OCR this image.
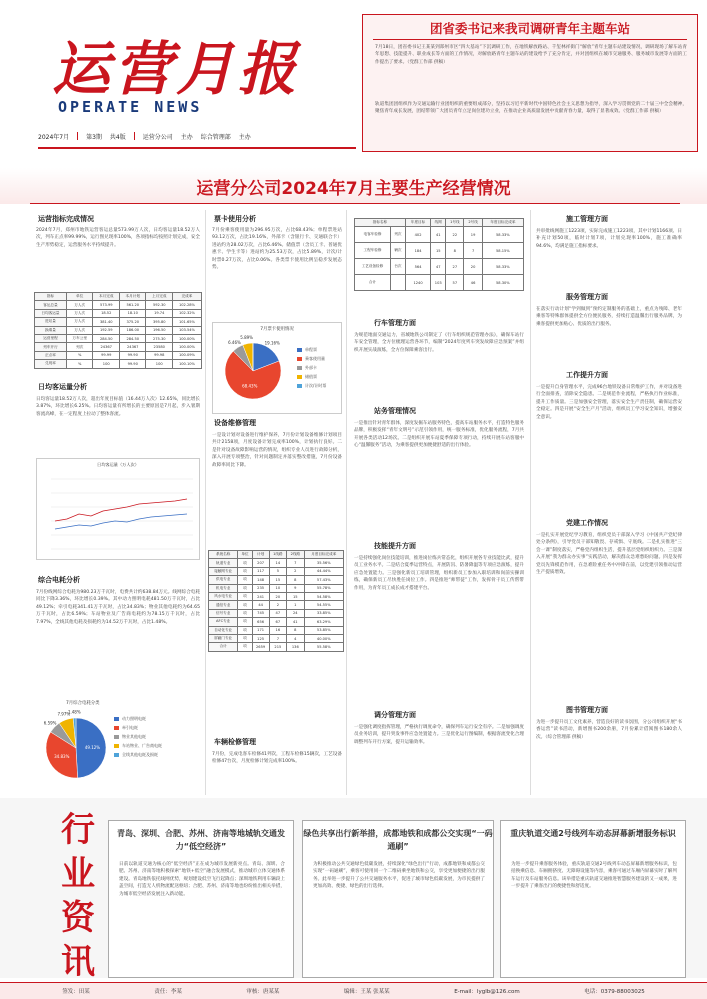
运营月报
OPERATE NEWS
2024年7月	第3期 共4版	运营分公司 主办 综合管理部 主办
团省委书记来我司调研青年主题车站
7月18日，团省委书记王某某到郑州市区“四大基站”下沉调研工作，在地铁解放路站、千玺林祥街门“解放”青年主题车站建设情况，调研现场了解车站青年思想、技能提升、职业成长等方面的工作情况，对解放路青年主题车站的建设给予了充分肯定，并对团组织在城市交通服务、服务城市发展等方面的工作提出了要求。（党群工作部 供稿）
轨道集团团组织作为交通运输行业团组织的重要组成部分，坚持以习近平新时代中国特色社会主义思想为指导，深入学习贯彻党的二十届三中全会精神，聚焦青年成长发展，团结带领广大团员青年立足岗位建功立业，在推动企业高质量发展中贡献青春力量，取得了显著成效。（党群工作部 供稿）
运营分公司2024年7月主要生产经营情况
运营指标完成情况
2024年7月，郑州市地铁运营客运总量573.99万人次，日均客运量18.52万人次，列车正点率99.99%，运行图兑现率100%，各项指标均按照计划完成，安全生产形势稳定，运营服务水平持续提升。
指标	单位	本月完成	本月计划	上月完成	完成率
客运总量	万人次	573.99	561.20	592.30	102.28%
日均客运量	万人次	18.52	18.10	19.74	102.32%
进站量	万人次	381.40	375.20	395.80	101.65%
换乘量	万人次	192.59	186.00	196.50	103.54%
运营里程	万车公里	284.50	284.50	275.30	100.00%
列车开行	列次	24367	24367	23580	100.00%
正点率	%	99.99	99.90	99.98	100.09%
兑现率	%	100	99.90	100	100.10%
日均客运量分析
日均客运量18.52万人次，超出年度目标值（16.44万人次）12.65%，同比增长3.87%，环比增长6.25%。日均客运量有所增长的主要原因是7月起，步入暑期客流高峰，在一定程度上拉动了整体客流。
日均客运量（万人次）
综合电耗分析
7月份线网综合电耗为980.23万千瓦时，电费共计约638.84万元。线网综合电耗同比下降3.36%，环比增长0.39%。其中动力照明电耗481.50万千瓦时，占比49.12%；牵引电耗341.41万千瓦时，占比34.83%；物业其他电耗约为64.65万千瓦时，占比6.59%；车站物业及广告商电耗约为78.15万千瓦时，占比7.97%，全线其他电耗及损耗约为14.52万千瓦时，占比1.48%。
7月综合电耗分类
49.12%
34.83%
6.59%
7.97%
1.48%
动力照明电耗
牵引电耗
物业其他电耗
车站物业、广告商电耗
全线其他电耗及损耗
票卡使用分析
7月份乘客使用量为296.95万次，占比68.43%；单程票进站93.12万次，占比19.16%，外部卡（含银行卡、交通联合卡）进站约为28.02万次，占比6.46%。储值票（含员工卡、普通优惠卡、学生卡等）进站约为25.53万次，占比5.89%，计次/计时票0.27万次，占比0.06%。各类票卡使用比例呈稳步发展态势。
7月票卡使用情况
19.16%
68.43%
6.46%
5.89%
单程票
乘客使用量
外部卡
储值票
计次/计时票
设备维修管理
一是设计划对设备进行维护保养，7月份计划设备维修计划项目共计2158项，月度设备计划完成率100%，计划执行良好。二是针对设备故障影响运营的情况，组织专业人员进行故障分析，深入开展专项整治，针对问题制定并落实整改措施，7月份设备故障率同比下降。
系统名称	单位	计划	1线路	2线路	月度目标完成率
轨道专业	项	207	14	7	35.56%
接触网专业	项	117	5	2	44.44%
供电专业	项	148	15	8	57.43%
机电专业	项	235	10	9	55.78%
风水电专业	项	241	20	15	54.58%
通信专业	项	44	2	1	54.55%
信号专业	项	745	47	24	33.85%
AFC专业	项	656	67	41	63.29%
自动化专业	项	171	16	8	53.85%
屏蔽门专业	项	125	7	4	40.00%
合计	项	2659	215	136	55.58%
车辆检修管理
7月份，完成电客车检修41列次，工程车检修15辆次，工艺设备检修47台次，月度检修计划完成率100%。
指标名称		年度目标	线网	1号线	2号线	年度目标完成率
电客车检修	列次	402	41	22	19	58.33%
工程车检修	辆次	184	15	8	7	58.15%
工艺设备检修	台次	564	47	27	20	58.33%
合计		1240	103	57	46	58.30%
行车管理方面
为规范地面交通运力，省城地铁公司制定了《行车组织规范管理办法》，确保车站行车安全管理，全方位梳理运营各环节，编制“2024年度列车突发故障应急预案”并组织开展实战演练，全方位保障乘客出行。
站务管理情况
一是推出针对青年群体，深度发掘车站服务特色，提高车站服务水平，打造特色服务品牌，积极发挥“青年文明号”示范引领作用，统一服务标准，优化服务流程，7月共开展各类活动12场次。二是组织开展车站夏季保障专项行动，持续开展车站客服中心“温馨服务”活动，为乘客提供更加便捷舒适的出行体验。
技能提升方面
一是持续强化岗位技能培训，推进岗位练兵常态化，组织开展各专业技能比武，提升员工业务水平。二是结合夏季运营特点，开展防汛、防暑降温等专项应急演练，提升应急处置能力。三是强化新员工培训管理，组织新员工参加入职培训和岗前实操训练，确保新员工尽快胜任岗位工作。四是推进“师带徒”工作，发挥骨干员工传帮带作用，为青年员工成长成才搭建平台。
调分管理方面
一是强化调度指挥管理，严格执行调度命令，确保列车运行安全有序。二是加强调度员业务培训，提升突发事件应急处置能力。三是优化运行图编制，根据客流变化合理调整列车开行方案，提升运输效率。
施工管理方面
共审批线网施工1223项，实际完成施工1223项，其中计划1166项、日补充计划50项，临时计划7项，计划兑现率100%，施工准确率94.6%，均满足施工指标要求。
服务管理方面
在落实行动计划“学到做到”预约定制服务的基础上，重点为残障、老年乘客等特殊群体提供全方位便民服务，持续打造温馨出行服务品牌，为乘客提供更加贴心、优质的出行服务。
工作提升方面
一是提升自身管理水平，完成96台地铁设备日常维护工作，并对设备进行全面排查，消除安全隐患。二是规范作业流程，严格执行作业标准，提升工作质量。三是加强安全管理，落实安全生产责任制，确保运营安全稳定。四是开展“安全生产月”活动，组织员工学习安全知识，增强安全意识。
党建工作情况
一是扎实开展党纪学习教育，组织党员干部深入学习《中国共产党纪律处分条例》，引导党员干部知敬畏、存戒惧、守底线。二是扎实推进“三会一课”制度落实，严格党内组织生活，提升基层党组织组织力。三是深入开展“我为群众办实事”实践活动，解决群众急难愁盼问题。四是发挥党员先锋模范作用，在急难险重任务中冲锋在前，以党建引领推动运营生产提质增效。
图书管理方面
为进一步提升员工文化素养，营造良好的读书氛围，分公司组织开展“书香运营”读书活动，新增图书200余册，7月份累计借阅图书180余人次。（综合管理部 供稿）
行业资讯
青岛、深圳、合肥、苏州、济南等地城轨交通发力“低空经济”
日前以轨道交通为核心的“低空经济”正在成为城市发展新亮点。青岛、深圳、合肥、苏州、济南等地积极探索“地铁+低空”融合发展模式，推动城市立体交通体系建设。青岛地铁依托线网优势，规划建设低空飞行起降点；深圳地铁利用车辆段上盖空间，打造无人机物流配送枢纽；合肥、苏州、济南等地也纷纷推出相关举措，为城市低空经济发展注入新动能。
绿色共享出行新举措，成都地铁和成都公交实现“一码通刷”
为积极推动公共交通绿色低碳发展，持续深化“绿色出行”行动，成都地铁和成都公交实现“一码通刷”，乘客可使用同一个二维码乘坐地铁和公交，享受更加便捷的出行服务。此举进一步提升了公共交通服务水平，促进了城市绿色低碳发展，为市民提供了更加高效、便捷、绿色的出行选择。
重庆轨道交通2号线列车动态屏幕新增服务标识
为进一步提升乘客服务体验，重庆轨道交通2号线列车动态屏幕新增服务标识，包括换乘信息、车厢拥挤度、无障碍设施等内容，乘客可通过车厢内屏幕实时了解列车运行及车站服务信息。该举措是重庆轨道交通推进智慧服务建设的又一成果，进一步提升了乘客出行的便捷性和舒适度。
签发：田某	责任：李某	审核：唐某某	编辑：王某 张某某	E-mail：lyglb@126.com	电话：0379-88003025
